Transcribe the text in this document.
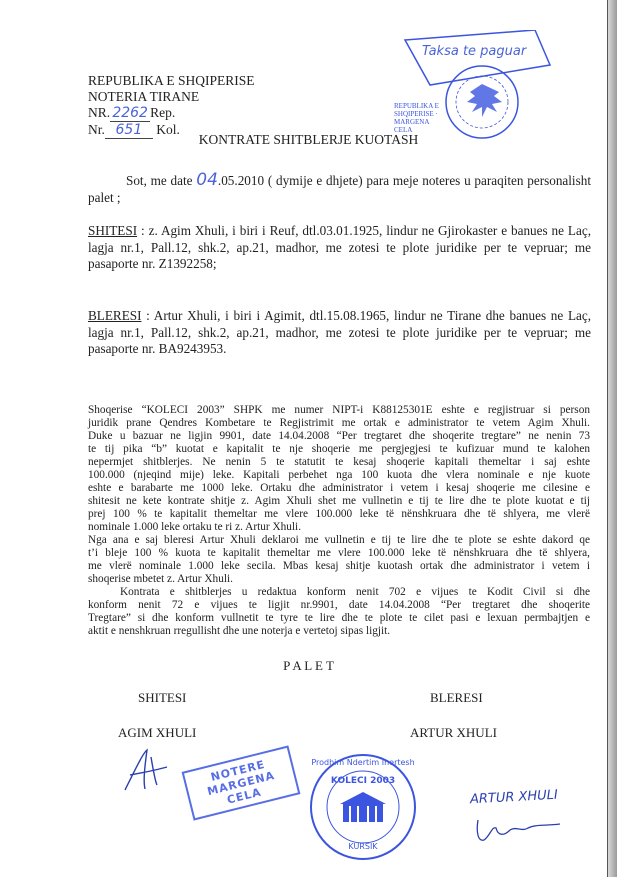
REPUBLIKA E SHQIPERISE
NOTERIA TIRANE
NR. 2262 Rep.
Nr. 651 Kol.
Taksa te paguar
REPUBLIKA E SHQIPERISE · MARGENA CELA
KONTRATE SHITBLERJE KUOTASH
Sot, me date 04.05.2010 ( dymije e dhjete) para meje noteres u paraqiten personalisht palet ;
SHITESI : z. Agim Xhuli, i biri i Reuf, dtl.03.01.1925, lindur ne Gjirokaster e banues ne Laç, lagja nr.1, Pall.12, shk.2, ap.21, madhor, me zotesi te plote juridike per te vepruar; me pasaporte nr. Z1392258;
BLERESI : Artur Xhuli, i biri i Agimit, dtl.15.08.1965, lindur ne Tirane dhe banues ne Laç, lagja nr.1, Pall.12, shk.2, ap.21, madhor, me zotesi te plote juridike per te vepruar; me pasaporte nr. BA9243953.
Shoqerise “KOLECI 2003” SHPK me numer NIPT-i K88125301E eshte e regjistruar si person
juridik prane Qendres Kombetare te Regjistrimit me ortak e administrator te vetem Agim Xhuli.
Duke u bazuar ne ligjin 9901, date 14.04.2008 “Per tregtaret dhe shoqerite tregtare” ne nenin 73
te tij pika “b” kuotat e kapitalit te nje shoqerie me pergjegjesi te kufizuar mund te kalohen
nepermjet shitblerjes. Ne nenin 5 te statutit te kesaj shoqerie kapitali themeltar i saj eshte
100.000 (njeqind mije) leke. Kapitali perbehet nga 100 kuota dhe vlera nominale e nje kuote
eshte e barabarte me 1000 leke. Ortaku dhe administrator i vetem i kesaj shoqerie me cilesine e
shitesit ne kete kontrate shitje z. Agim Xhuli shet me vullnetin e tij te lire dhe te plote kuotat e tij
prej 100 % te kapitalit themeltar me vlere 100.000 leke të nënshkruara dhe të shlyera, me vlerë
nominale 1.000 leke ortaku te ri z. Artur Xhuli.
Nga ana e saj bleresi Artur Xhuli deklaroi me vullnetin e tij te lire dhe te plote se eshte dakord qe
t’i bleje 100 % kuota te kapitalit themeltar me vlere 100.000 leke të nënshkruara dhe të shlyera,
me vlerë nominale 1.000 leke secila. Mbas kesaj shitje kuotash ortak dhe administrator i vetem i
shoqerise mbetet z. Artur Xhuli.
Kontrata e shitblerjes u redaktua konform nenit 702 e vijues te Kodit Civil si dhe
konform nenit 72 e vijues te ligjit nr.9901, date 14.04.2008 “Per tregtaret dhe shoqerite
Tregtare” si dhe konform vullnetit te tyre te lire dhe te plote te cilet pasi e lexuan permbajtjen e
aktit e nenshkruan rregullisht dhe une noterja e vertetoj sipas ligjit.
P A L E T
SHITESI	BLERESI
AGIM XHULI	ARTUR XHULI
NOTERE MARGENA CELA
Prodhim Ndertim Inertesh
KOLECI 2003
KURSIK
ARTUR XHULI
